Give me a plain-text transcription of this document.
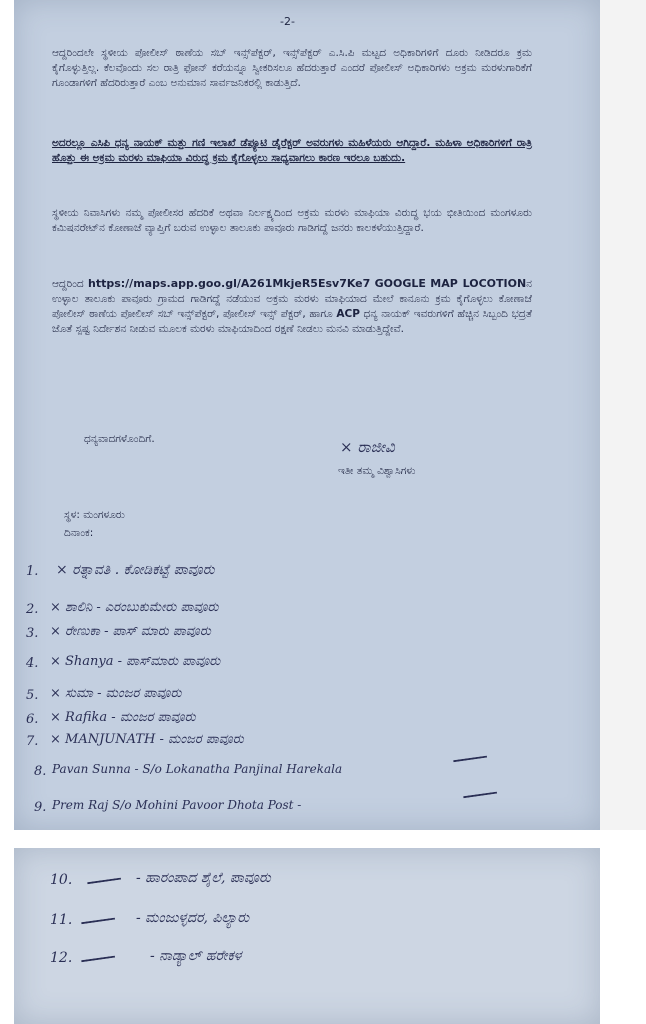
-2-
ಆದ್ದರಿಂದಲೇ ಸ್ಥಳೀಯ ಪೋಲೀಸ್ ಠಾಣೆಯ ಸಬ್ ಇನ್ಸ್‌ಪೆಕ್ಟರ್, ಇನ್ಸ್‌ಪೆಕ್ಟರ್ ಎ.ಸಿ.ಪಿ ಮಟ್ಟದ ಅಧಿಕಾರಿಗಳಿಗೆ ದೂರು ನೀಡಿದರೂ ಕ್ರಮ ಕೈಗೊಳ್ಳುತ್ತಿಲ್ಲ. ಕೆಲವೊಂದು ಸಲ ರಾತ್ರಿ ಫೋನ್ ಕರೆಯನ್ನೂ ಸ್ವೀಕರಿಸಲೂ ಹೆದರುತ್ತಾರೆ ಎಂದರೆ ಪೋಲೀಸ್ ಅಧಿಕಾರಿಗಳು ಅಕ್ರಮ ಮರಳುಗಾರಿಕೆಗೆ ಗೂಂಡಾಗಳಿಗೆ ಹೆದರಿರುತ್ತಾರೆ ಎಂಬ ಅನುಮಾನ ಸಾರ್ವಜನಿಕರಲ್ಲಿ ಕಾಡುತ್ತಿದೆ.
ಅದರಲ್ಲೂ ಎಸಿಪಿ ಧನ್ಯ ನಾಯಕ್ ಮತ್ತು ಗಣಿ ಇಲಾಖೆ ಡೆಪ್ಯೂಟಿ ಡೈರೆಕ್ಟರ್ ಅವರುಗಳು ಮಹಿಳೆಯರು ಆಗಿದ್ದಾರೆ. ಮಹಿಳಾ ಅಧಿಕಾರಿಗಳಿಗೆ ರಾತ್ರಿ ಹೊತ್ತು ಈ ಅಕ್ರಮ ಮರಳು ಮಾಫಿಯಾ ವಿರುದ್ಧ ಕ್ರಮ ಕೈಗೊಳ್ಳಲು ಸಾಧ್ಯವಾಗಲು ಕಾರಣ ಇರಲೂ ಬಹುದು.
ಸ್ಥಳೀಯ ನಿವಾಸಿಗಳು ನಮ್ಮ ಪೋಲೀಸರ ಹೆದರಿಕೆ ಅಥವಾ ನಿರ್ಲಕ್ಷ್ಯದಿಂದ ಅಕ್ರಮ ಮರಳು ಮಾಫಿಯಾ ವಿರುದ್ಧ ಭಯ ಭೀತಿಯಿಂದ ಮಂಗಳೂರು ಕಮಿಷನರೇಟ್‌ನ ಕೋಣಾಜೆ ವ್ಯಾಪ್ತಿಗೆ ಬರುವ ಉಳ್ಳಾಲ ತಾಲೂಕು ಪಾವೂರು ಗಾಡಿಗದ್ದೆ ಜನರು ಕಾಲಕಳೆಯುತ್ತಿದ್ದಾರೆ.
ಆದ್ದರಿಂದ https://maps.app.goo.gl/A261MkjeR5Esv7Ke7 GOOGLE MAP LOCOTIONನ ಉಳ್ಳಾಲ ತಾಲೂಕು ಪಾವೂರು ಗ್ರಾಮದ ಗಾಡಿಗದ್ದೆ ನಡೆಯುವ ಅಕ್ರಮ ಮರಳು ಮಾಫಿಯಾದ ಮೇಲೆ ಕಾನೂನು ಕ್ರಮ ಕೈಗೊಳ್ಳಲು ಕೋಣಾಜೆ ಪೋಲೀಸ್ ಠಾಣೆಯ ಪೋಲೀಸ್ ಸಬ್ ಇನ್ಸ್‌ಪೆಕ್ಟರ್, ಪೋಲೀಸ್ ಇನ್ಸ್ ಪೆಕ್ಟರ್, ಹಾಗೂ ACP ಧನ್ಯ ನಾಯಕ್ ಇವರುಗಳಿಗೆ ಹೆಚ್ಚಿನ ಸಿಬ್ಬಂದಿ ಭದ್ರತೆ ಜೊತೆ ಸ್ಪಷ್ಟ ನಿರ್ದೇಶನ ನೀಡುವ ಮೂಲಕ ಮರಳು ಮಾಫಿಯಾದಿಂದ ರಕ್ಷಣೆ ನೀಡಲು ಮನವಿ ಮಾಡುತ್ತಿದ್ದೇವೆ.
ಧನ್ಯವಾದಗಳೊಂದಿಗೆ.	× ರಾಜೀವಿ
ಇತೀ ತಮ್ಮ ವಿಶ್ವಾಸಿಗಳು
ಸ್ಥಳ: ಮಂಗಳೂರು
ದಿನಾಂಕ:
1. × ರತ್ನಾವತಿ . ಕೋಡಿಕಟ್ಟೆ ಪಾವೂರು
2. × ಶಾಲಿನಿ - ಎರಂಬುಕುಮೇರು ಪಾವೂರು
3. × ರೇಣುಕಾ - ಪಾಸ್‌ ಮಾರು ಪಾವೂರು
4. × Shanya - ಪಾಸ್‌ಮಾರು ಪಾವೂರು
5. × ಸುಮಾ - ಮಂಜರ ಪಾವೂರು
6. × Rafika - ಮಂಜರ ಪಾವೂರು
7. × MANJUNATH - ಮಂಜರ ಪಾವೂರು
8. Pavan Sunna - S/o Lokanatha Panjinal Harekala
9. Prem Raj S/o Mohini Pavoor Dhota Post -
10.	- ಹಾರಂಪಾದ ಶೈಲೆ, ಪಾವೂರು
11.	- ಮಂಜುಳ್ಳದರ, ಪಿಲ್ಯಾರು
12.	- ನಾಡ್ಯಾಲ್ ಹರೇಕಳ
